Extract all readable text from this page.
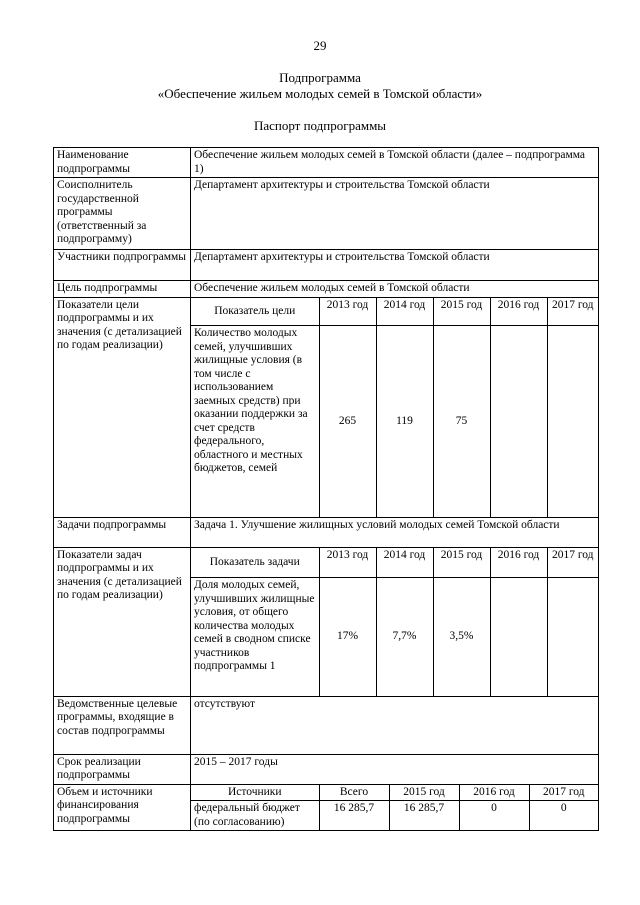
29
Подпрограмма
«Обеспечение жильем молодых семей в Томской области»
Паспорт подпрограммы
Наименование подпрограммы	Обеспечение жильем молодых семей в Томской области (далее – подпрограмма 1)
Соисполнитель государственной программы (ответственный за подпрограмму)	Департамент архитектуры и строительства Томской области
Участники подпрограммы	Департамент архитектуры и строительства Томской области
Цель подпрограммы	Обеспечение жильем молодых семей в Томской области
Показатели цели подпрограммы и их значения (с детализацией по годам реализации)	
Показатель цели	2013 год	2014 год	2015 год	2016 год	2017 год
Количество молодых семей, улучшивших жилищные условия (в том числе с использованием заемных средств) при оказании поддержки за счет средств федерального, областного и местных бюджетов, семей	265	119	75		

Задачи подпрограммы	Задача 1. Улучшение жилищных условий молодых семей Томской области
Показатели задач подпрограммы и их значения (с детализацией по годам реализации)	
Показатель задачи	2013 год	2014 год	2015 год	2016 год	2017 год
Доля молодых семей, улучшивших жилищные условия, от общего количества молодых семей в сводном списке участников подпрограммы 1	17%	7,7%	3,5%		

Ведомственные целевые программы, входящие в состав подпрограммы	отсутствуют
Срок реализации подпрограммы	2015 – 2017 годы
Объем и источники финансирования подпрограммы	
Источники	Всего	2015 год	2016 год	2017 год
федеральный бюджет (по согласованию)	16 285,7	16 285,7	0	0
